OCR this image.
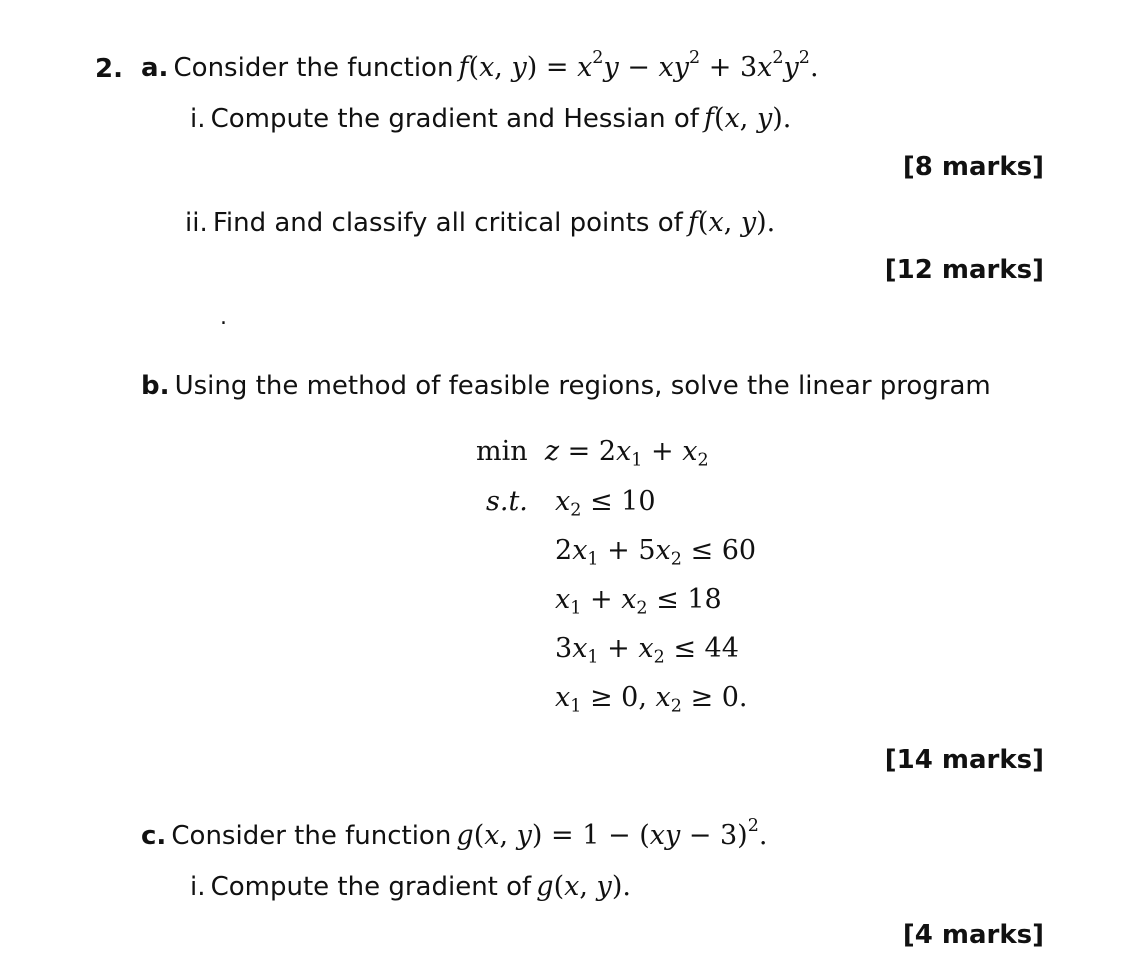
2. a. Consider the function f(x, $y) = x^2y - xy^2 + 3x^2y^2$.
i. Compute the gradient and Hessian of f(x, y).
[8 marks]
ii. Find and classify all critical points of f(x, y).
[12 marks]
.
b. Using the method of feasible regions, solve the linear program
$\min z = 2x_1 + x_2$
s.t. $x_2 \le 10$
$2x_1 + 5x_2 \le 60$
$x_1 + x_2 \le 18$
$3x_1 + x_2 \le 44$
$x_1 \ge 0$, $x_2 \ge 0$.
[14 marks]
c. Consider the function g(x, y) = 1 − (xy − 3)$^2$.
i. Compute the gradient of g(x, y).
[4 marks]
